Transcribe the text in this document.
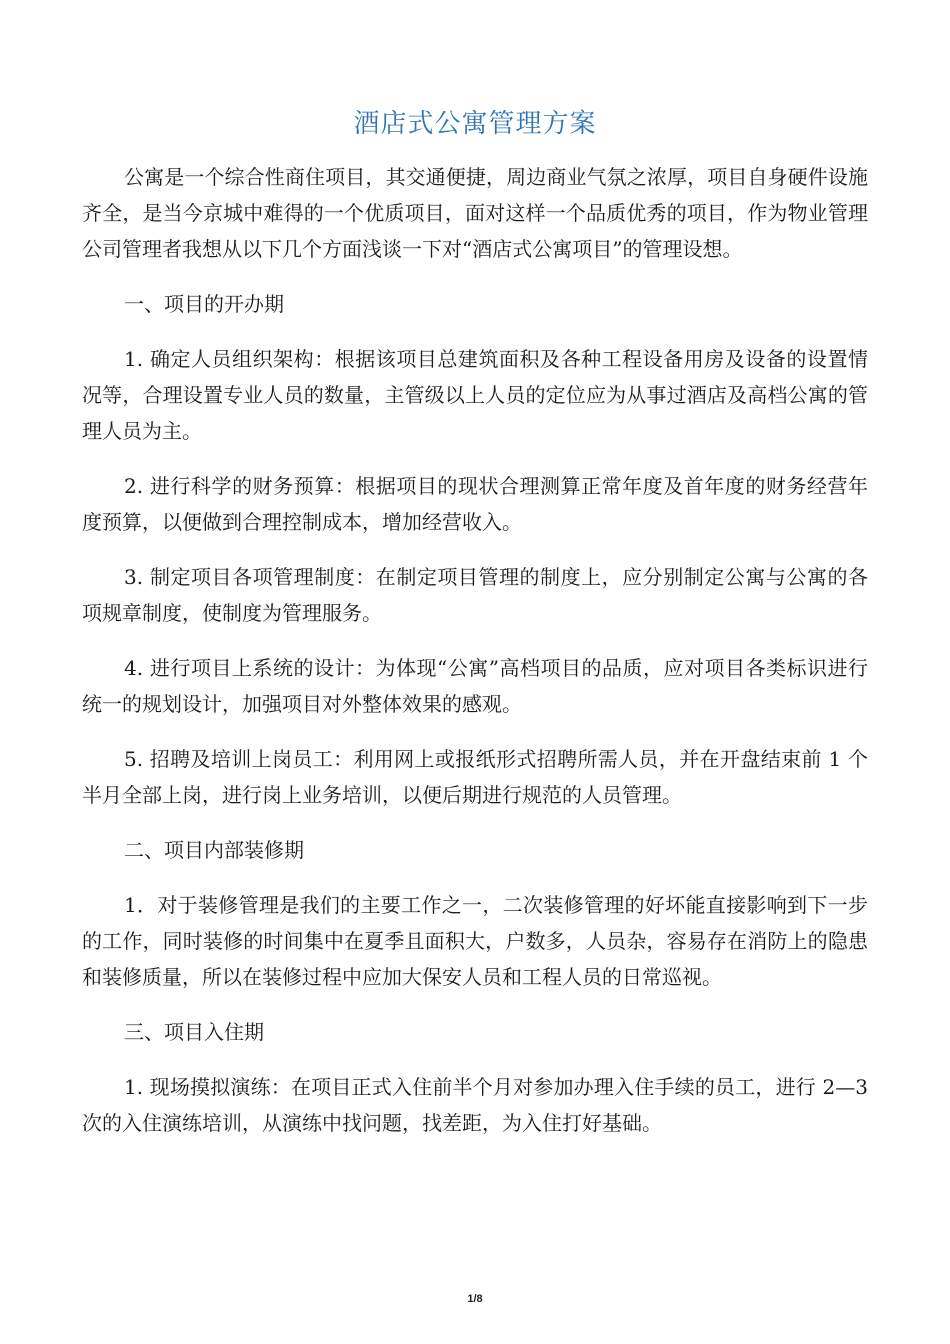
酒店式公寓管理方案

公寓是一个综合性商住项目，其交通便捷，周边商业气氛之浓厚，项目自身硬件设施齐全，是当今京城中难得的一个优质项目，面对这样一个品质优秀的项目，作为物业管理公司管理者我想从以下几个方面浅谈一下对“酒店式公寓项目”的管理设想。

一、项目的开办期

1. 确定人员组织架构：根据该项目总建筑面积及各种工程设备用房及设备的设置情况等，合理设置专业人员的数量，主管级以上人员的定位应为从事过酒店及高档公寓的管理人员为主。

2. 进行科学的财务预算：根据项目的现状合理测算正常年度及首年度的财务经营年度预算，以便做到合理控制成本，增加经营收入。

3. 制定项目各项管理制度：在制定项目管理的制度上，应分别制定公寓与公寓的各项规章制度，使制度为管理服务。

4. 进行项目上系统的设计：为体现“公寓”高档项目的品质，应对项目各类标识进行统一的规划设计，加强项目对外整体效果的感观。

5. 招聘及培训上岗员工：利用网上或报纸形式招聘所需人员，并在开盘结束前 1 个半月全部上岗，进行岗上业务培训，以便后期进行规范的人员管理。

二、项目内部装修期

1．对于装修管理是我们的主要工作之一，二次装修管理的好坏能直接影响到下一步的工作，同时装修的时间集中在夏季且面积大，户数多，人员杂，容易存在消防上的隐患和装修质量，所以在装修过程中应加大保安人员和工程人员的日常巡视。

三、项目入住期

1. 现场摸拟演练：在项目正式入住前半个月对参加办理入住手续的员工，进行 2—3 次的入住演练培训，从演练中找问题，找差距，为入住打好基础。

1/8
